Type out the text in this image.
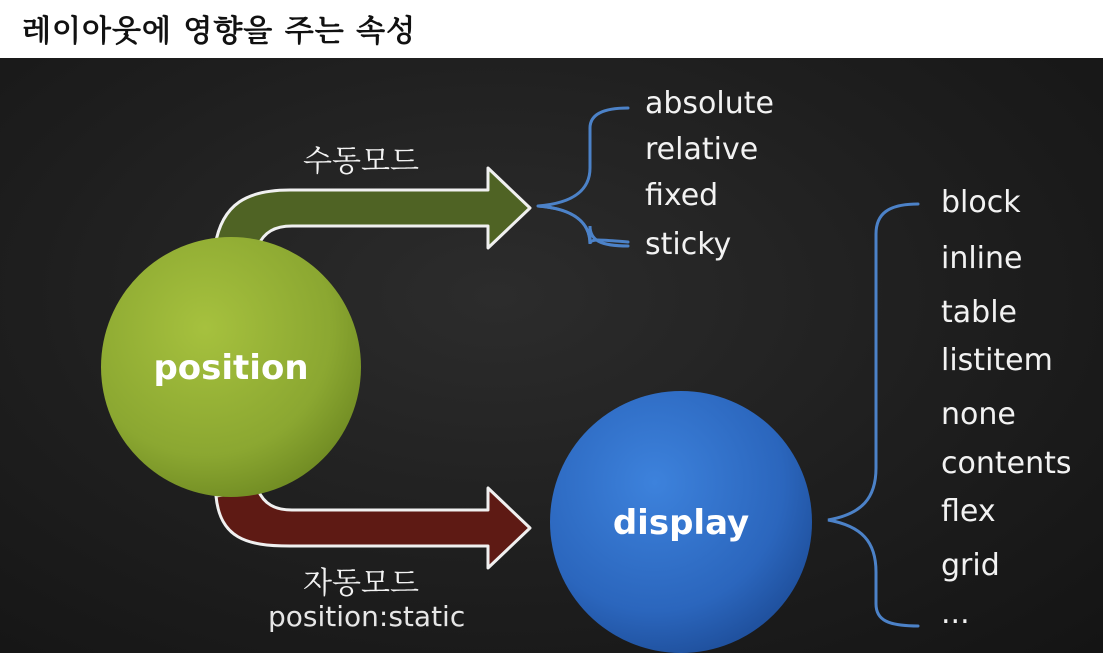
레이아웃에 영향을 주는 속성
position
display
수동모드
자동모드
position:static
absolute
relative
fixed
sticky
block
inline
table
listitem
none
contents
flex
grid
...
